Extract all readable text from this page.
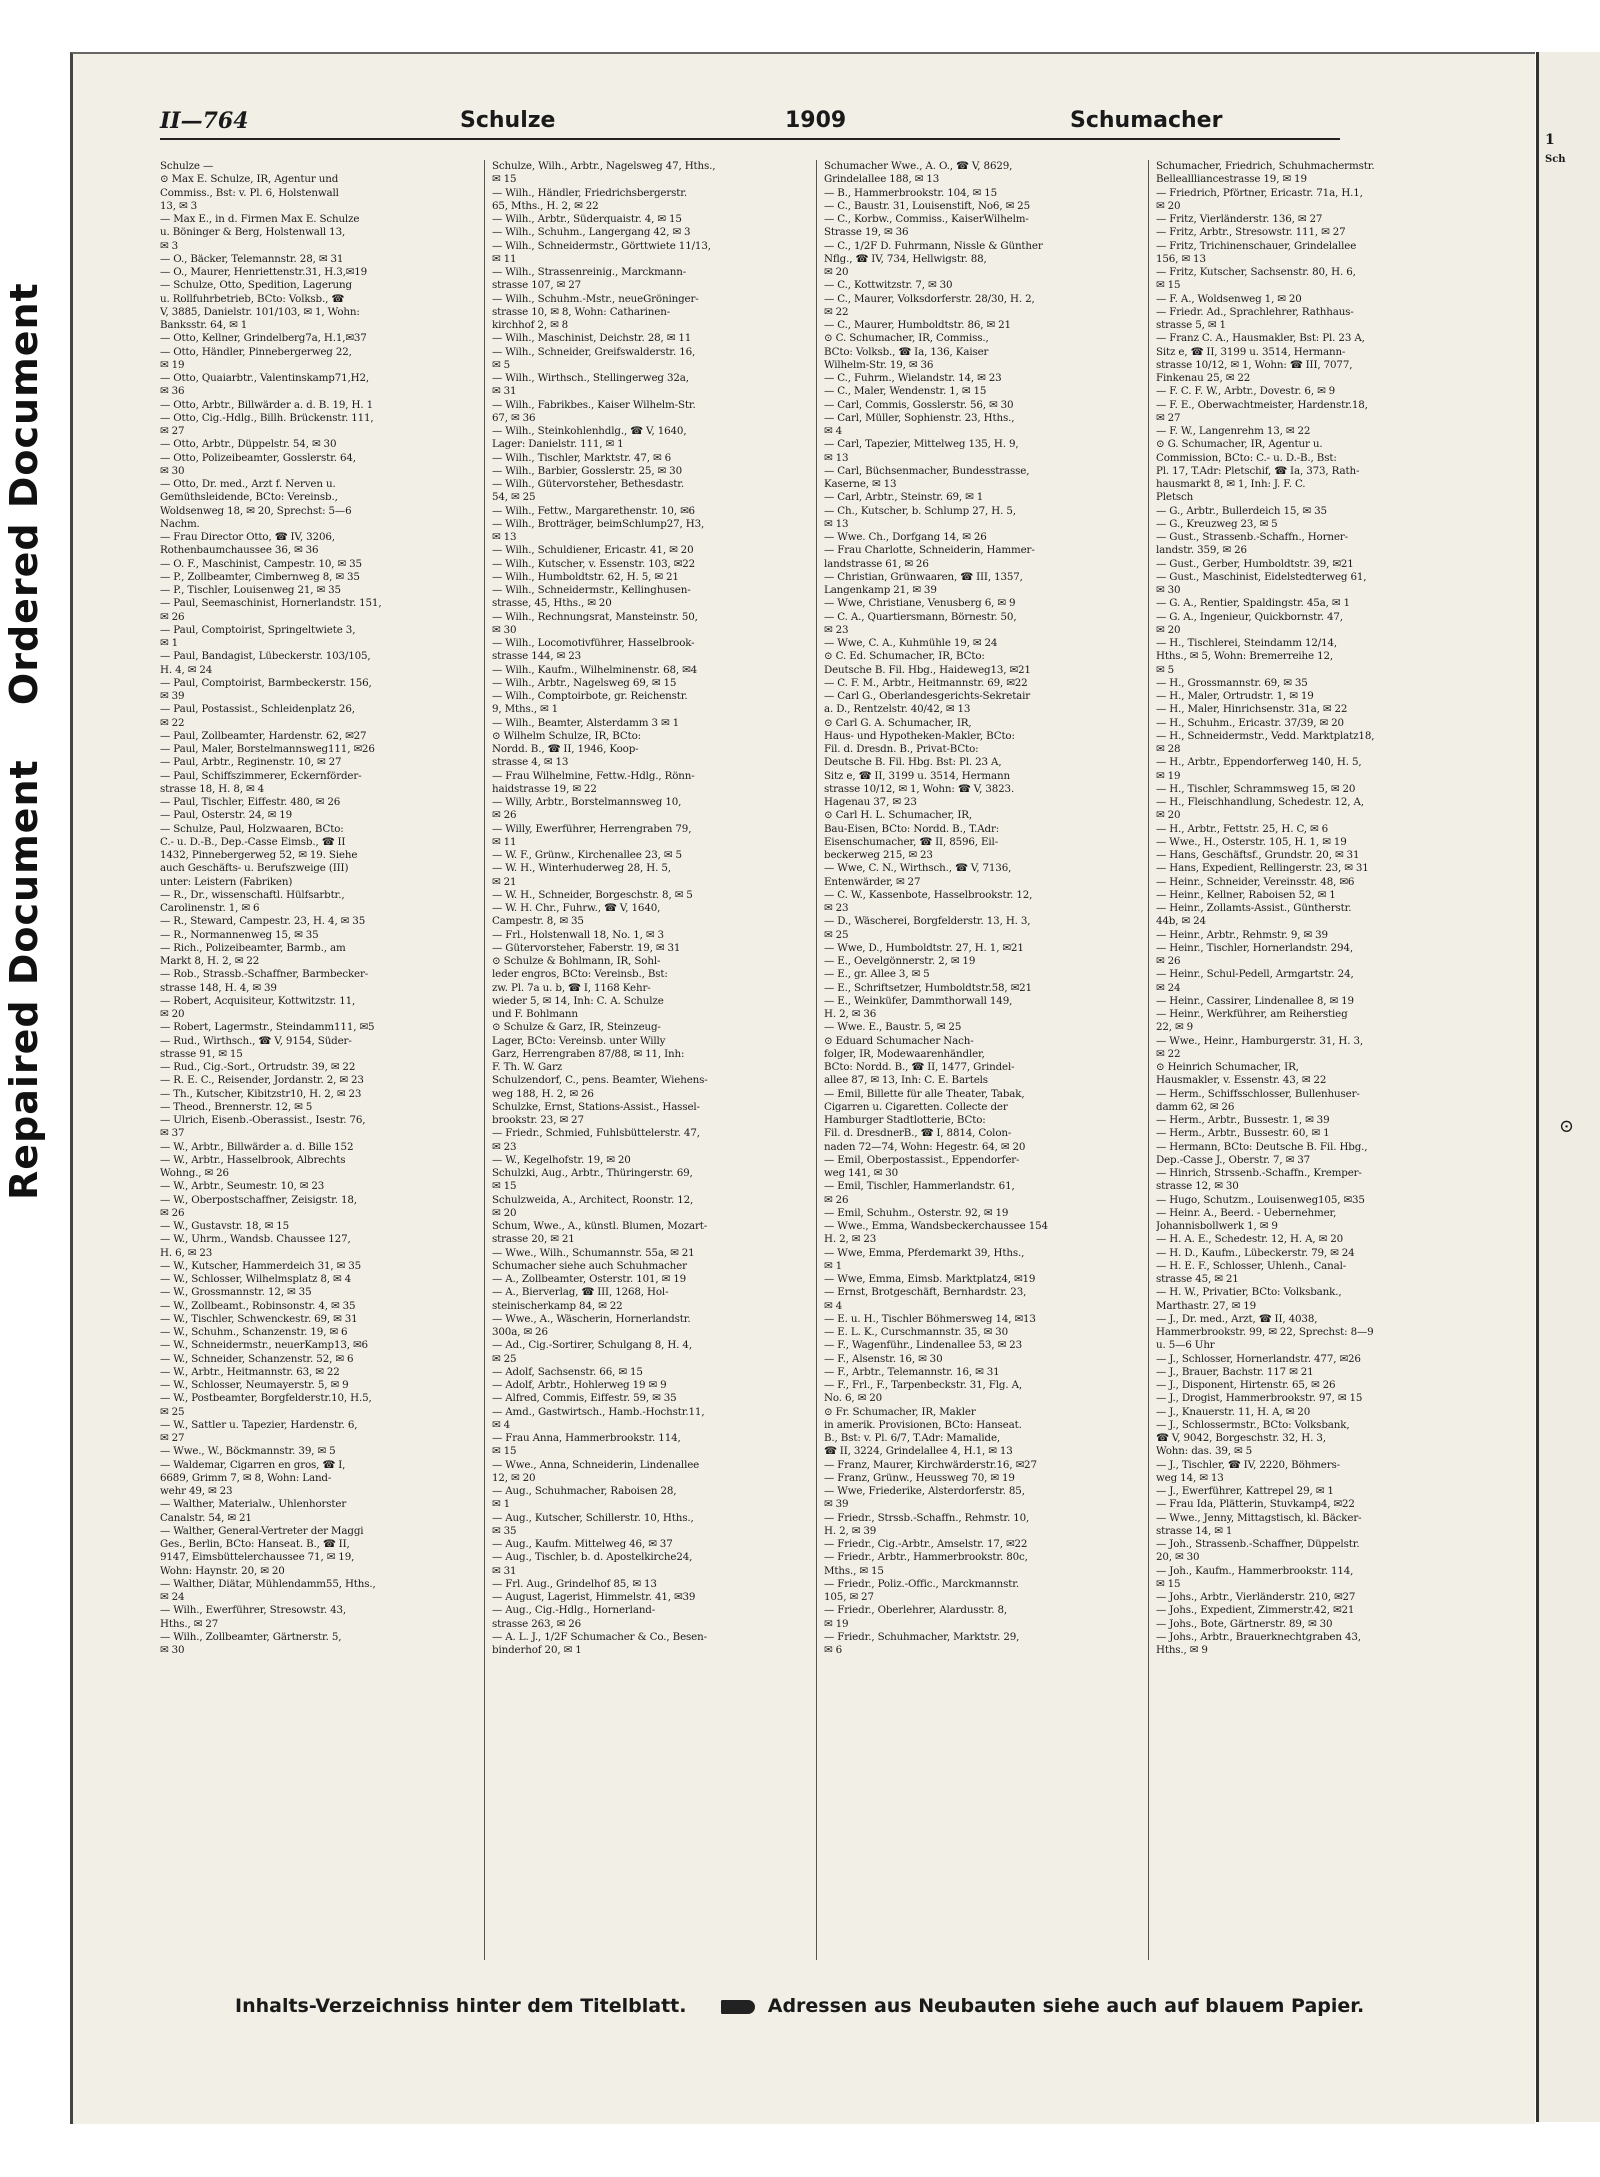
Repaired Document Ordered Document
1
Sch
⊙
II—764	Schulze	1909	Schumacher
Schulze —
⊙ Max E. Schulze, IR, Agentur und
Commiss., Bst: v. Pl. 6, Holstenwall
13, ✉ 3
— Max E., in d. Firmen Max E. Schulze
u. Böninger & Berg, Holstenwall 13,
✉ 3
— O., Bäcker, Telemannstr. 28, ✉ 31
— O., Maurer, Henriettenstr.31, H.3,✉19
— Schulze, Otto, Spedition, Lagerung
u. Rollfuhrbetrieb, BCto: Volksb., ☎
V, 3885, Danielstr. 101/103, ✉ 1, Wohn:
Banksstr. 64, ✉ 1
— Otto, Kellner, Grindelberg7a, H.1,✉37
— Otto, Händler, Pinnebergerweg 22,
✉ 19
— Otto, Quaiarbtr., Valentinskamp71,H2,
✉ 36
— Otto, Arbtr., Billwärder a. d. B. 19, H. 1
— Otto, Cig.-Hdlg., Billh. Brückenstr. 111,
✉ 27
— Otto, Arbtr., Düppelstr. 54, ✉ 30
— Otto, Polizeibeamter, Gosslerstr. 64,
✉ 30
— Otto, Dr. med., Arzt f. Nerven u.
Gemüthsleidende, BCto: Vereinsb.,
Woldsenweg 18, ✉ 20, Sprechst: 5—6
Nachm.
— Frau Director Otto, ☎ IV, 3206,
Rothenbaumchaussee 36, ✉ 36
— O. F., Maschinist, Campestr. 10, ✉ 35
— P., Zollbeamter, Cimbernweg 8, ✉ 35
— P., Tischler, Louisenweg 21, ✉ 35
— Paul, Seemaschinist, Hornerlandstr. 151,
✉ 26
— Paul, Comptoirist, Springeltwiete 3,
✉ 1
— Paul, Bandagist, Lübeckerstr. 103/105,
H. 4, ✉ 24
— Paul, Comptoirist, Barmbeckerstr. 156,
✉ 39
— Paul, Postassist., Schleidenplatz 26,
✉ 22
— Paul, Zollbeamter, Hardenstr. 62, ✉27
— Paul, Maler, Borstelmannsweg111, ✉26
— Paul, Arbtr., Reginenstr. 10, ✉ 27
— Paul, Schiffszimmerer, Eckernförder-
strasse 18, H. 8, ✉ 4
— Paul, Tischler, Eiffestr. 480, ✉ 26
— Paul, Osterstr. 24, ✉ 19
— Schulze, Paul, Holzwaaren, BCto:
C.- u. D.-B., Dep.-Casse Eimsb., ☎ II
1432, Pinnebergerweg 52, ✉ 19. Siehe
auch Geschäfts- u. Berufszweige (III)
unter: Leistern (Fabriken)
— R., Dr., wissenschaftl. Hülfsarbtr.,
Carolinenstr. 1, ✉ 6
— R., Steward, Campestr. 23, H. 4, ✉ 35
— R., Normannenweg 15, ✉ 35
— Rich., Polizeibeamter, Barmb., am
Markt 8, H. 2, ✉ 22
— Rob., Strassb.-Schaffner, Barmbecker-
strasse 148, H. 4, ✉ 39
— Robert, Acquisiteur, Kottwitzstr. 11,
✉ 20
— Robert, Lagermstr., Steindamm111, ✉5
— Rud., Wirthsch., ☎ V, 9154, Süder-
strasse 91, ✉ 15
— Rud., Cig.-Sort., Ortrudstr. 39, ✉ 22
— R. E. C., Reisender, Jordanstr. 2, ✉ 23
— Th., Kutscher, Kibitzstr10, H. 2, ✉ 23
— Theod., Brennerstr. 12, ✉ 5
— Ulrich, Eisenb.-Oberassist., Isestr. 76,
✉ 37
— W., Arbtr., Billwärder a. d. Bille 152
— W., Arbtr., Hasselbrook, Albrechts
Wohng., ✉ 26
— W., Arbtr., Seumestr. 10, ✉ 23
— W., Oberpostschaffner, Zeisigstr. 18,
✉ 26
— W., Gustavstr. 18, ✉ 15
— W., Uhrm., Wandsb. Chaussee 127,
H. 6, ✉ 23
— W., Kutscher, Hammerdeich 31, ✉ 35
— W., Schlosser, Wilhelmsplatz 8, ✉ 4
— W., Grossmannstr. 12, ✉ 35
— W., Zollbeamt., Robinsonstr. 4, ✉ 35
— W., Tischler, Schwenckestr. 69, ✉ 31
— W., Schuhm., Schanzenstr. 19, ✉ 6
— W., Schneidermstr., neuerKamp13, ✉6
— W., Schneider, Schanzenstr. 52, ✉ 6
— W., Arbtr., Heitmannstr. 63, ✉ 22
— W., Schlosser, Neumayerstr. 5, ✉ 9
— W., Postbeamter, Borgfelderstr.10, H.5,
✉ 25
— W., Sattler u. Tapezier, Hardenstr. 6,
✉ 27
— Wwe., W., Böckmannstr. 39, ✉ 5
— Waldemar, Cigarren en gros, ☎ I,
6689, Grimm 7, ✉ 8, Wohn: Land-
wehr 49, ✉ 23
— Walther, Materialw., Uhlenhorster
Canalstr. 54, ✉ 21
— Walther, General-Vertreter der Maggi
Ges., Berlin, BCto: Hanseat. B., ☎ II,
9147, Eimsbüttelerchaussee 71, ✉ 19,
Wohn: Haynstr. 20, ✉ 20
— Walther, Diätar, Mühlendamm55, Hths.,
✉ 24
— Wilh., Ewerführer, Stresowstr. 43,
Hths., ✉ 27
— Wilh., Zollbeamter, Gärtnerstr. 5,
✉ 30
Schulze, Wilh., Arbtr., Nagelsweg 47, Hths.,
✉ 15
— Wilh., Händler, Friedrichsbergerstr.
65, Mths., H. 2, ✉ 22
— Wilh., Arbtr., Süderquaistr. 4, ✉ 15
— Wilh., Schuhm., Langergang 42, ✉ 3
— Wilh., Schneidermstr., Görttwiete 11/13,
✉ 11
— Wilh., Strassenreinig., Marckmann-
strasse 107, ✉ 27
— Wilh., Schuhm.-Mstr., neueGröninger-
strasse 10, ✉ 8, Wohn: Catharinen-
kirchhof 2, ✉ 8
— Wilh., Maschinist, Deichstr. 28, ✉ 11
— Wilh., Schneider, Greifswalderstr. 16,
✉ 5
— Wilh., Wirthsch., Stellingerweg 32a,
✉ 31
— Wilh., Fabrikbes., Kaiser Wilhelm-Str.
67, ✉ 36
— Wilh., Steinkohlenhdlg., ☎ V, 1640,
Lager: Danielstr. 111, ✉ 1
— Wilh., Tischler, Marktstr. 47, ✉ 6
— Wilh., Barbier, Gosslerstr. 25, ✉ 30
— Wilh., Gütervorsteher, Bethesdastr.
54, ✉ 25
— Wilh., Fettw., Margarethenstr. 10, ✉6
— Wilh., Brotträger, beimSchlump27, H3,
✉ 13
— Wilh., Schuldiener, Ericastr. 41, ✉ 20
— Wilh., Kutscher, v. Essenstr. 103, ✉22
— Wilh., Humboldtstr. 62, H. 5, ✉ 21
— Wilh., Schneidermstr., Kellinghusen-
strasse, 45, Hths., ✉ 20
— Wilh., Rechnungsrat, Mansteinstr. 50,
✉ 30
— Wilh., Locomotivführer, Hasselbrook-
strasse 144, ✉ 23
— Wilh., Kaufm., Wilhelminenstr. 68, ✉4
— Wilh., Arbtr., Nagelsweg 69, ✉ 15
— Wilh., Comptoirbote, gr. Reichenstr.
9, Mths., ✉ 1
— Wilh., Beamter, Alsterdamm 3 ✉ 1
⊙ Wilhelm Schulze, IR, BCto:
Nordd. B., ☎ II, 1946, Koop-
strasse 4, ✉ 13
— Frau Wilhelmine, Fettw.-Hdlg., Rönn-
haidstrasse 19, ✉ 22
— Willy, Arbtr., Borstelmannsweg 10,
✉ 26
— Willy, Ewerführer, Herrengraben 79,
✉ 11
— W. F., Grünw., Kirchenallee 23, ✉ 5
— W. H., Winterhuderweg 28, H. 5,
✉ 21
— W. H., Schneider, Borgeschstr. 8, ✉ 5
— W. H. Chr., Fuhrw., ☎ V, 1640,
Campestr. 8, ✉ 35
— Frl., Holstenwall 18, No. 1, ✉ 3
— Gütervorsteher, Faberstr. 19, ✉ 31
⊙ Schulze & Bohlmann, IR, Sohl-
leder engros, BCto: Vereinsb., Bst:
zw. Pl. 7a u. b, ☎ I, 1168 Kehr-
wieder 5, ✉ 14, Inh: C. A. Schulze
und F. Bohlmann
⊙ Schulze & Garz, IR, Steinzeug-
Lager, BCto: Vereinsb. unter Willy
Garz, Herrengraben 87/88, ✉ 11, Inh:
F. Th. W. Garz
Schulzendorf, C., pens. Beamter, Wiehens-
weg 188, H. 2, ✉ 26
Schulzke, Ernst, Stations-Assist., Hassel-
brookstr. 23, ✉ 27
— Friedr., Schmied, Fuhlsbüttelerstr. 47,
✉ 23
— W., Kegelhofstr. 19, ✉ 20
Schulzki, Aug., Arbtr., Thüringerstr. 69,
✉ 15
Schulzweida, A., Architect, Roonstr. 12,
✉ 20
Schum, Wwe., A., künstl. Blumen, Mozart-
strasse 20, ✉ 21
— Wwe., Wilh., Schumannstr. 55a, ✉ 21
Schumacher siehe auch Schuhmacher
— A., Zollbeamter, Osterstr. 101, ✉ 19
— A., Bierverlag, ☎ III, 1268, Hol-
steinischerkamp 84, ✉ 22
— Wwe., A., Wäscherin, Hornerlandstr.
300a, ✉ 26
— Ad., Cig.-Sortirer, Schulgang 8, H. 4,
✉ 25
— Adolf, Sachsenstr. 66, ✉ 15
— Adolf, Arbtr., Hohlerweg 19 ✉ 9
— Alfred, Commis, Eiffestr. 59, ✉ 35
— Amd., Gastwirtsch., Hamb.-Hochstr.11,
✉ 4
— Frau Anna, Hammerbrookstr. 114,
✉ 15
— Wwe., Anna, Schneiderin, Lindenallee
12, ✉ 20
— Aug., Schuhmacher, Raboisen 28,
✉ 1
— Aug., Kutscher, Schillerstr. 10, Hths.,
✉ 35
— Aug., Kaufm. Mittelweg 46, ✉ 37
— Aug., Tischler, b. d. Apostelkirche24,
✉ 31
— Frl. Aug., Grindelhof 85, ✉ 13
— August, Lagerist, Himmelstr. 41, ✉39
— Aug., Cig.-Hdlg., Hornerland-
strasse 263, ✉ 26
— A. L. J., 1/2F Schumacher & Co., Besen-
binderhof 20, ✉ 1
Schumacher Wwe., A. O., ☎ V, 8629,
Grindelallee 188, ✉ 13
— B., Hammerbrookstr. 104, ✉ 15
— C., Baustr. 31, Louisenstift, No6, ✉ 25
— C., Korbw., Commiss., KaiserWilhelm-
Strasse 19, ✉ 36
— C., 1/2F D. Fuhrmann, Nissle & Günther
Nflg., ☎ IV, 734, Hellwigstr. 88,
✉ 20
— C., Kottwitzstr. 7, ✉ 30
— C., Maurer, Volksdorferstr. 28/30, H. 2,
✉ 22
— C., Maurer, Humboldtstr. 86, ✉ 21
⊙ C. Schumacher, IR, Commiss.,
BCto: Volksb., ☎ Ia, 136, Kaiser
Wilhelm-Str. 19, ✉ 36
— C., Fuhrm., Wielandstr. 14, ✉ 23
— C., Maler, Wendenstr. 1, ✉ 15
— Carl, Commis, Gosslerstr. 56, ✉ 30
— Carl, Müller, Sophienstr. 23, Hths.,
✉ 4
— Carl, Tapezier, Mittelweg 135, H. 9,
✉ 13
— Carl, Büchsenmacher, Bundesstrasse,
Kaserne, ✉ 13
— Carl, Arbtr., Steinstr. 69, ✉ 1
— Ch., Kutscher, b. Schlump 27, H. 5,
✉ 13
— Wwe. Ch., Dorfgang 14, ✉ 26
— Frau Charlotte, Schneiderin, Hammer-
landstrasse 61, ✉ 26
— Christian, Grünwaaren, ☎ III, 1357,
Langenkamp 21, ✉ 39
— Wwe, Christiane, Venusberg 6, ✉ 9
— C. A., Quartiersmann, Börnestr. 50,
✉ 23
— Wwe, C. A., Kuhmühle 19, ✉ 24
⊙ C. Ed. Schumacher, IR, BCto:
Deutsche B. Fil. Hbg., Haideweg13, ✉21
— C. F. M., Arbtr., Heitmannstr. 69, ✉22
— Carl G., Oberlandesgerichts-Sekretair
a. D., Rentzelstr. 40/42, ✉ 13
⊙ Carl G. A. Schumacher, IR,
Haus- und Hypotheken-Makler, BCto:
Fil. d. Dresdn. B., Privat-BCto:
Deutsche B. Fil. Hbg. Bst: Pl. 23 A,
Sitz e, ☎ II, 3199 u. 3514, Hermann
strasse 10/12, ✉ 1, Wohn: ☎ V, 3823.
Hagenau 37, ✉ 23
⊙ Carl H. L. Schumacher, IR,
Bau-Eisen, BCto: Nordd. B., T.Adr:
Eisenschumacher, ☎ II, 8596, Eil-
beckerweg 215, ✉ 23
— Wwe, C. N., Wirthsch., ☎ V, 7136,
Entenwärder, ✉ 27
— C. W., Kassenbote, Hasselbrookstr. 12,
✉ 23
— D., Wäscherei, Borgfelderstr. 13, H. 3,
✉ 25
— Wwe, D., Humboldtstr. 27, H. 1, ✉21
— E., Oevelgönnerstr. 2, ✉ 19
— E., gr. Allee 3, ✉ 5
— E., Schriftsetzer, Humboldtstr.58, ✉21
— E., Weinküfer, Dammthorwall 149,
H. 2, ✉ 36
— Wwe. E., Baustr. 5, ✉ 25
⊙ Eduard Schumacher Nach-
folger, IR, Modewaarenhändler,
BCto: Nordd. B., ☎ II, 1477, Grindel-
allee 87, ✉ 13, Inh: C. E. Bartels
— Emil, Billette für alle Theater, Tabak,
Cigarren u. Cigaretten. Collecte der
Hamburger Stadtlotterie, BCto:
Fil. d. DresdnerB., ☎ I, 8814, Colon-
naden 72—74, Wohn: Hegestr. 64, ✉ 20
— Emil, Oberpostassist., Eppendorfer-
weg 141, ✉ 30
— Emil, Tischler, Hammerlandstr. 61,
✉ 26
— Emil, Schuhm., Osterstr. 92, ✉ 19
— Wwe., Emma, Wandsbeckerchaussee 154
H. 2, ✉ 23
— Wwe, Emma, Pferdemarkt 39, Hths.,
✉ 1
— Wwe, Emma, Eimsb. Marktplatz4, ✉19
— Ernst, Brotgeschäft, Bernhardstr. 23,
✉ 4
— E. u. H., Tischler Böhmersweg 14, ✉13
— E. L. K., Curschmannstr. 35, ✉ 30
— F., Wagenführ., Lindenallee 53, ✉ 23
— F., Alsenstr. 16, ✉ 30
— F., Arbtr., Telemannstr. 16, ✉ 31
— F., Frl., F., Tarpenbeckstr. 31, Flg. A,
No. 6, ✉ 20
⊙ Fr. Schumacher, IR, Makler
in amerik. Provisionen, BCto: Hanseat.
B., Bst: v. Pl. 6/7, T.Adr: Mamalide,
☎ II, 3224, Grindelallee 4, H.1, ✉ 13
— Franz, Maurer, Kirchwärderstr.16, ✉27
— Franz, Grünw., Heussweg 70, ✉ 19
— Wwe, Friederike, Alsterdorferstr. 85,
✉ 39
— Friedr., Strssb.-Schaffn., Rehmstr. 10,
H. 2, ✉ 39
— Friedr., Cig.-Arbtr., Amselstr. 17, ✉22
— Friedr., Arbtr., Hammerbrookstr. 80c,
Mths., ✉ 15
— Friedr., Poliz.-Offic., Marckmannstr.
105, ✉ 27
— Friedr., Oberlehrer, Alardusstr. 8,
✉ 19
— Friedr., Schuhmacher, Marktstr. 29,
✉ 6
Schumacher, Friedrich, Schuhmachermstr.
Belleallliancestrasse 19, ✉ 19
— Friedrich, Pförtner, Ericastr. 71a, H.1,
✉ 20
— Fritz, Vierländerstr. 136, ✉ 27
— Fritz, Arbtr., Stresowstr. 111, ✉ 27
— Fritz, Trichinenschauer, Grindelallee
156, ✉ 13
— Fritz, Kutscher, Sachsenstr. 80, H. 6,
✉ 15
— F. A., Woldsenweg 1, ✉ 20
— Friedr. Ad., Sprachlehrer, Rathhaus-
strasse 5, ✉ 1
— Franz C. A., Hausmakler, Bst: Pl. 23 A,
Sitz e, ☎ II, 3199 u. 3514, Hermann-
strasse 10/12, ✉ 1, Wohn: ☎ III, 7077,
Finkenau 25, ✉ 22
— F. C. F. W., Arbtr., Dovestr. 6, ✉ 9
— F. E., Oberwachtmeister, Hardenstr.18,
✉ 27
— F. W., Langenrehm 13, ✉ 22
⊙ G. Schumacher, IR, Agentur u.
Commission, BCto: C.- u. D.-B., Bst:
Pl. 17, T.Adr: Pletschif, ☎ Ia, 373, Rath-
hausmarkt 8, ✉ 1, Inh: J. F. C.
Pletsch
— G., Arbtr., Bullerdeich 15, ✉ 35
— G., Kreuzweg 23, ✉ 5
— Gust., Strassenb.-Schaffn., Horner-
landstr. 359, ✉ 26
— Gust., Gerber, Humboldtstr. 39, ✉21
— Gust., Maschinist, Eidelstedterweg 61,
✉ 30
— G. A., Rentier, Spaldingstr. 45a, ✉ 1
— G. A., Ingenieur, Quickbornstr. 47,
✉ 20
— H., Tischlerei, Steindamm 12/14,
Hths., ✉ 5, Wohn: Bremerreihe 12,
✉ 5
— H., Grossmannstr. 69, ✉ 35
— H., Maler, Ortrudstr. 1, ✉ 19
— H., Maler, Hinrichsenstr. 31a, ✉ 22
— H., Schuhm., Ericastr. 37/39, ✉ 20
— H., Schneidermstr., Vedd. Marktplatz18,
✉ 28
— H., Arbtr., Eppendorferweg 140, H. 5,
✉ 19
— H., Tischler, Schrammsweg 15, ✉ 20
— H., Fleischhandlung, Schedestr. 12, A,
✉ 20
— H., Arbtr., Fettstr. 25, H. C, ✉ 6
— Wwe., H., Osterstr. 105, H. 1, ✉ 19
— Hans, Geschäftsf., Grundstr. 20, ✉ 31
— Hans, Expedient, Rellingerstr. 23, ✉ 31
— Heinr., Schneider, Vereinsstr. 48, ✉6
— Heinr., Kellner, Raboisen 52, ✉ 1
— Heinr., Zollamts-Assist., Güntherstr.
44b, ✉ 24
— Heinr., Arbtr., Rehmstr. 9, ✉ 39
— Heinr., Tischler, Hornerlandstr. 294,
✉ 26
— Heinr., Schul-Pedell, Armgartstr. 24,
✉ 24
— Heinr., Cassirer, Lindenallee 8, ✉ 19
— Heinr., Werkführer, am Reiherstieg
22, ✉ 9
— Wwe., Heinr., Hamburgerstr. 31, H. 3,
✉ 22
⊙ Heinrich Schumacher, IR,
Hausmakler, v. Essenstr. 43, ✉ 22
— Herm., Schiffsschlosser, Bullenhuser-
damm 62, ✉ 26
— Herm., Arbtr., Bussestr. 1, ✉ 39
— Herm., Arbtr., Bussestr. 60, ✉ 1
— Hermann, BCto: Deutsche B. Fil. Hbg.,
Dep.-Casse J., Oberstr. 7, ✉ 37
— Hinrich, Strssenb.-Schaffn., Kremper-
strasse 12, ✉ 30
— Hugo, Schutzm., Louisenweg105, ✉35
— Heinr. A., Beerd. - Uebernehmer,
Johannisbollwerk 1, ✉ 9
— H. A. E., Schedestr. 12, H. A, ✉ 20
— H. D., Kaufm., Lübeckerstr. 79, ✉ 24
— H. E. F., Schlosser, Uhlenh., Canal-
strasse 45, ✉ 21
— H. W., Privatier, BCto: Volksbank.,
Marthastr. 27, ✉ 19
— J., Dr. med., Arzt, ☎ II, 4038,
Hammerbrookstr. 99, ✉ 22, Sprechst: 8—9
u. 5—6 Uhr
— J., Schlosser, Hornerlandstr. 477, ✉26
— J., Brauer, Bachstr. 117 ✉ 21
— J., Disponent, Hirtenstr. 65, ✉ 26
— J., Drogist, Hammerbrookstr. 97, ✉ 15
— J., Knauerstr. 11, H. A, ✉ 20
— J., Schlossermstr., BCto: Volksbank,
☎ V, 9042, Borgeschstr. 32, H. 3,
Wohn: das. 39, ✉ 5
— J., Tischler, ☎ IV, 2220, Böhmers-
weg 14, ✉ 13
— J., Ewerführer, Kattrepel 29, ✉ 1
— Frau Ida, Plätterin, Stuvkamp4, ✉22
— Wwe., Jenny, Mittagstisch, kl. Bäcker-
strasse 14, ✉ 1
— Joh., Strassenb.-Schaffner, Düppelstr.
20, ✉ 30
— Joh., Kaufm., Hammerbrookstr. 114,
✉ 15
— Johs., Arbtr., Vierländerstr. 210, ✉27
— Johs., Expedient, Zimmerstr.42, ✉21
— Johs., Bote, Gärtnerstr. 89, ✉ 30
— Johs., Arbtr., Brauerknechtgraben 43,
Hths., ✉ 9
Inhalts-Verzeichniss hinter dem Titelblatt.	Adressen aus Neubauten siehe auch auf blauem Papier.
